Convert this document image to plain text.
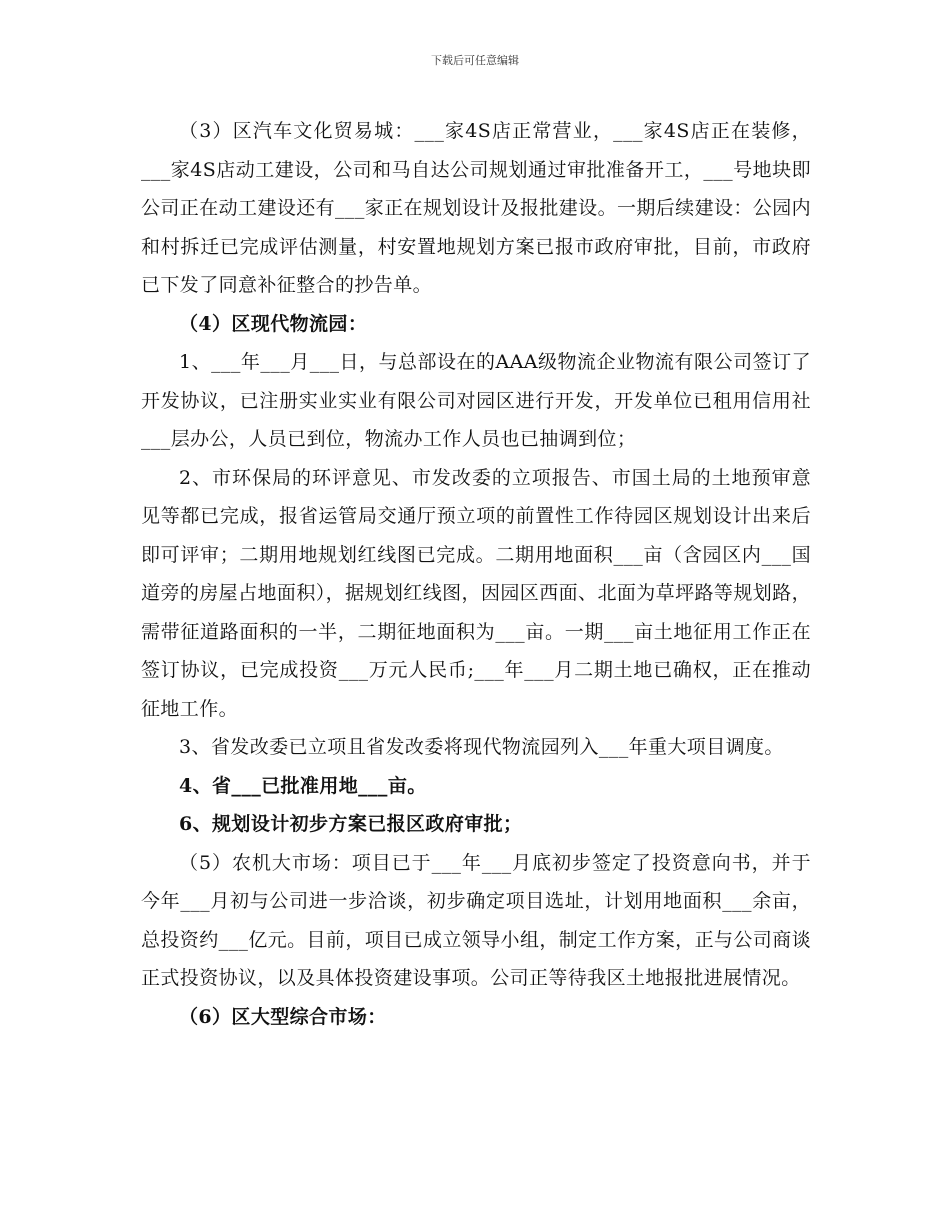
下载后可任意编辑

（3）区汽车文化贸易城：___家4S店正常营业，___家4S店正在装修，___家4S店动工建设，公司和马自达公司规划通过审批准备开工，___号地块即公司正在动工建设还有___家正在规划设计及报批建设。一期后续建设：公园内和村拆迁已完成评估测量，村安置地规划方案已报市政府审批，目前，市政府已下发了同意补征整合的抄告单。

（4）区现代物流园：

1、___年___月___日，与总部设在的AAA级物流企业物流有限公司签订了开发协议，已注册实业实业有限公司对园区进行开发，开发单位已租用信用社___层办公，人员已到位，物流办工作人员也已抽调到位；

2、市环保局的环评意见、市发改委的立项报告、市国土局的土地预审意见等都已完成，报省运管局交通厅预立项的前置性工作待园区规划设计出来后即可评审；二期用地规划红线图已完成。二期用地面积___亩（含园区内___国道旁的房屋占地面积），据规划红线图，因园区西面、北面为草坪路等规划路，需带征道路面积的一半，二期征地面积为___亩。一期___亩土地征用工作正在签订协议，已完成投资___万元人民币;___年___月二期土地已确权，正在推动征地工作。

3、省发改委已立项且省发改委将现代物流园列入___年重大项目调度。

4、省___已批准用地___亩。

6、规划设计初步方案已报区政府审批；

（5）农机大市场：项目已于___年___月底初步签定了投资意向书，并于今年___月初与公司进一步洽谈，初步确定项目选址，计划用地面积___余亩，总投资约___亿元。目前，项目已成立领导小组，制定工作方案，正与公司商谈正式投资协议，以及具体投资建设事项。公司正等待我区土地报批进展情况。

（6）区大型综合市场：
